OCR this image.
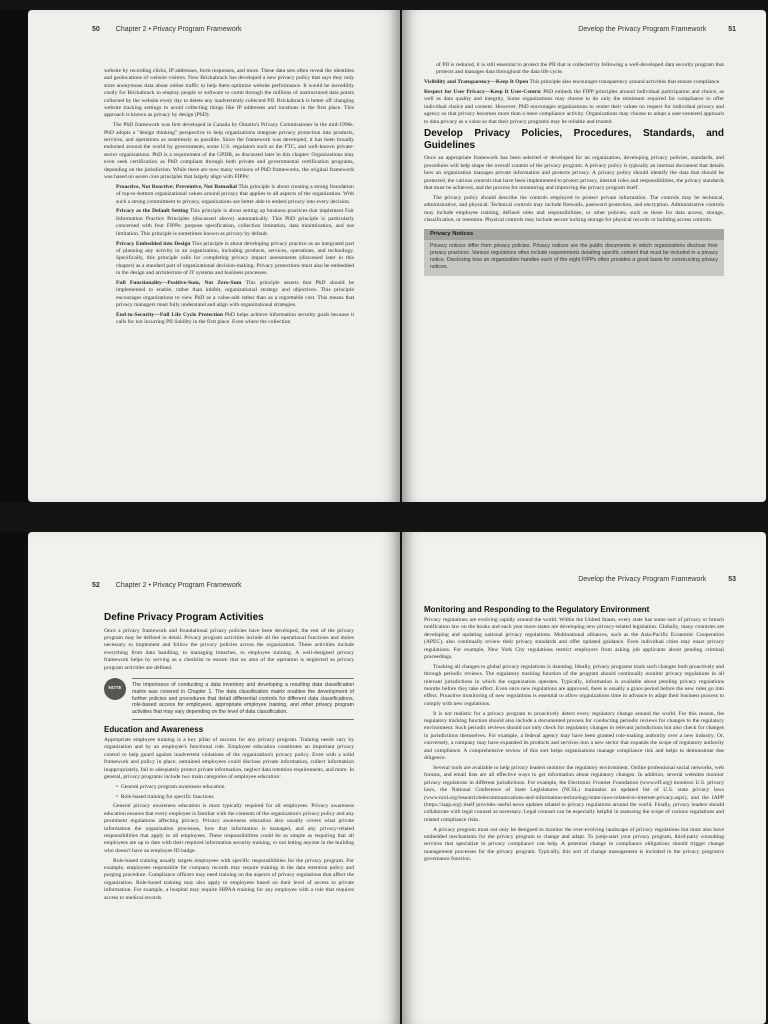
50 Chapter 2 • Privacy Program Framework

website by recording clicks, IP addresses, form responses, and more. These data sets often reveal the identities and geolocations of website visitors. Now Brickabrack has developed a new privacy policy that says they only store anonymous data about online traffic to help them optimize website performance. It would be incredibly costly for Brickabrack to employ people or software to comb through the millions of unstructured data points collected by the website every day to delete any inadvertently collected PII. Brickabrack is better off changing website tracking settings to avoid collecting things like IP addresses and locations in the first place. This approach is known as privacy by design (PbD).

The PbD framework was first developed in Canada by Ontario's Privacy Commissioner in the mid-1990s. PbD adopts a "design thinking" perspective to help organizations integrate privacy protection into products, services, and operations as seamlessly as possible. Since the framework was developed, it has been broadly endorsed around the world by governments, some U.S. regulators such as the FTC, and well-known private-sector organizations. PbD is a requirement of the GPDR, as discussed later in this chapter. Organizations may even seek certification as PbD compliant through both private and governmental certification programs, depending on the jurisdiction. While there are now many versions of PbD frameworks, the original framework was based on seven core principles that largely align with FIPPs:

Proactive, Not Reactive; Preventive, Not Remedial This principle is about creating a strong foundation of top-to-bottom organizational values around privacy that applies to all aspects of the organization. With such a strong commitment to privacy, organizations are better able to embed privacy into every decision.

Privacy as the Default Setting This principle is about setting up business practices that implement Fair Information Practice Principles (discussed above) automatically. This PbD principle is particularly concerned with four FIPPs: purpose specification, collection limitation, data minimization, and use limitation. This principle is sometimes known as privacy by default.

Privacy Embedded into Design This principle is about developing privacy practice as an integrated part of planning any activity in an organization, including products, services, operations, and technology. Specifically, this principle calls for completing privacy impact assessments (discussed later in this chapter) as a standard part of organizational decision-making. Privacy protections must also be embedded in the design and architecture of IT systems and business processes.

Full Functionality—Positive-Sum, Not Zero-Sum This principle asserts that PbD should be implemented to enable, rather than inhibit, organizational strategy and objectives. This principle encourages organizations to view PbD as a value-add rather than as a regrettable cost. This means that privacy managers must fully understand and align with organizational strategies.

End-to-Security—Full Life Cycle Protection PbD helps achieve information security goals because it calls for not incurring PII liability in the first place. Even where the collection

Develop the Privacy Program Framework	51

of PII is reduced, it is still essential to protect the PII that is collected by following a well-developed data security program that protects and manages data throughout the data life cycle.

Visibility and Transparency—Keep It Open This principle also encourages transparency around activities that ensure compliance.

Respect for User Privacy—Keep It User-Centric PbD embeds the FIPP principles around individual participation and choice, as well as data quality and integrity. Some organizations may choose to do only the minimum required for compliance to offer individual choice and consent. However, PbD encourages organizations to center their values on respect for individual privacy and agency so that privacy becomes more than a mere compliance activity. Organizations may choose to adopt a user-centered approach to data privacy as a value so that their privacy programs may be reliable and trusted.

Develop Privacy Policies, Procedures, Standards, and Guidelines

Once an appropriate framework has been selected or developed for an organization, developing privacy policies, standards, and procedures will help shape the overall content of the privacy program. A privacy policy is typically an internal document that details how an organization manages private information and protects privacy. A privacy policy should identify the data that should be protected, the various controls that have been implemented to protect privacy, internal roles and responsibilities, the privacy standards that must be achieved, and the process for monitoring and improving the privacy program itself.

The privacy policy should describe the controls employed to protect private information. The controls may be technical, administrative, and physical. Technical controls may include firewalls, password protection, and encryption. Administrative controls may include employee training, defined roles and responsibilities, or other policies, such as those for data access, storage, classification, or retention. Physical controls may include secure locking storage for physical records or building access controls.

Privacy Notices
Privacy notices differ from privacy policies. Privacy notices are the public documents in which organizations disclose their privacy practices. Various regulations often include requirements detailing specific content that must be included in a privacy notice. Disclosing how an organization handles each of the eight FIPPs often provides a good basis for constructing privacy notices.
52 Chapter 2 • Privacy Program Framework
Define Privacy Program Activities

Once a privacy framework and foundational privacy policies have been developed, the rest of the privacy program may be defined in detail. Privacy program activities include all the operational functions and duties necessary to implement and follow the privacy policies across the organization. These activities include everything from data handling, to managing breaches, to employee training. A well-designed privacy framework helps by serving as a checklist to ensure that no area of the operation is neglected as privacy program activities are defined.

NOTE
The importance of conducting a data inventory and developing a resulting data classification matrix was covered in Chapter 1. The data classification matrix enables the development of further policies and procedures that detail differential controls for different data classifications, role-based access for employees, appropriate employee training, and other privacy program activities that may vary depending on the level of data classification.
Education and Awareness

Appropriate employee training is a key pillar of success for any privacy program. Training needs vary by organization and by an employee's functional role. Employee education constitutes an important privacy control to help guard against inadvertent violations of the organization's privacy policy. Even with a solid framework and policy in place, untrained employees could disclose private information, collect information inappropriately, fail to adequately protect private information, neglect data retention requirements, and more. In general, privacy programs include two main categories of employee education:

•  General privacy program awareness education

•  Role-based training for specific functions

General privacy awareness education is most typically required for all employees. Privacy awareness education ensures that every employee is familiar with the contents of the organization's privacy policy and any prominent regulations affecting privacy. Privacy awareness education also usually covers what private information the organization processes, how that information is managed, and any privacy-related responsibilities that apply to all employees. These responsibilities could be as simple as requiring that all employees are up to date with their required information security training, or not letting anyone in the building who doesn't have an employee ID badge.

Role-based training usually targets employees with specific responsibilities for the privacy program. For example, employees responsible for company records may require training in the data retention policy and purging procedure. Compliance officers may need training on the aspects of privacy regulations that affect the organization. Role-based training may also apply to employees based on their level of access to private information. For example, a hospital may require HIPAA training for any employee with a role that requires access to medical records.

Develop the Privacy Program Framework	53
Monitoring and Responding to the Regulatory Environment

Privacy regulations are evolving rapidly around the world. Within the United States, every state has some sort of privacy or breach notification law on the books and each year more states are developing new privacy-related legislation. Globally, many countries are developing and updating national privacy regulations. Multinational alliances, such as the Asia-Pacific Economic Cooperation (APEC), also continually review their privacy standards and offer updated guidance. Even individual cities may enact privacy regulations. For example, New York City regulations restrict employers from asking job applicants about pending criminal proceedings.

Tracking all changes to global privacy regulations is daunting. Ideally, privacy programs track such changes both proactively and through periodic reviews. The regulatory tracking function of the program should continually monitor privacy regulations in all relevant jurisdictions in which the organization operates. Typically, information is available about pending privacy regulations months before they take effect. Even once new regulations are approved, there is usually a grace period before the new rules go into effect. Proactive monitoring of new regulations is essential to allow organizations time in advance to adapt their business process to comply with new regulations.

It is not realistic for a privacy program to proactively detect every regulatory change around the world. For this reason, the regulatory tracking function should also include a documented process for conducting periodic reviews for changes to the regulatory environment. Such periodic reviews should not only check for regulatory changes in relevant jurisdictions but also check for changes in jurisdictions themselves. For example, a federal agency may have been granted rule-making authority over a new industry. Or, conversely, a company may have expanded its products and services into a new sector that expands the scope of regulatory authority and compliance. A comprehensive review of this sort helps organizations manage compliance risk and helps to demonstrate due diligence.

Several tools are available to help privacy leaders monitor the regulatory environment. Online professional social networks, web forums, and email lists are all effective ways to get information about regulatory changes. In addition, several websites monitor privacy regulations in different jurisdictions. For example, the Electronic Frontier Foundation (www.eff.org) monitors U.S. privacy laws, the National Conference of State Legislatures (NCSL) maintains an updated list of U.S. state privacy laws (www.ncsl.org/research/telecommunications-and-information-technology/state-laws-related-to-internet-privacy.aspx), and the IAPP (https://iapp.org) itself provides useful news updates related to privacy regulations around the world. Finally, privacy leaders should collaborate with legal counsel as necessary. Legal counsel can be especially helpful in assessing the scope of various regulations and related compliance risks.

A privacy program must not only be designed to monitor the ever-evolving landscape of privacy regulations but must also have embedded mechanisms for the privacy program to change and adapt. To jump-start your privacy program, third-party consulting services that specialize in privacy compliance can help. A potential change in compliance obligations should trigger change management processes for the privacy program. Typically, this sort of change management is included in the privacy program's governance function.
